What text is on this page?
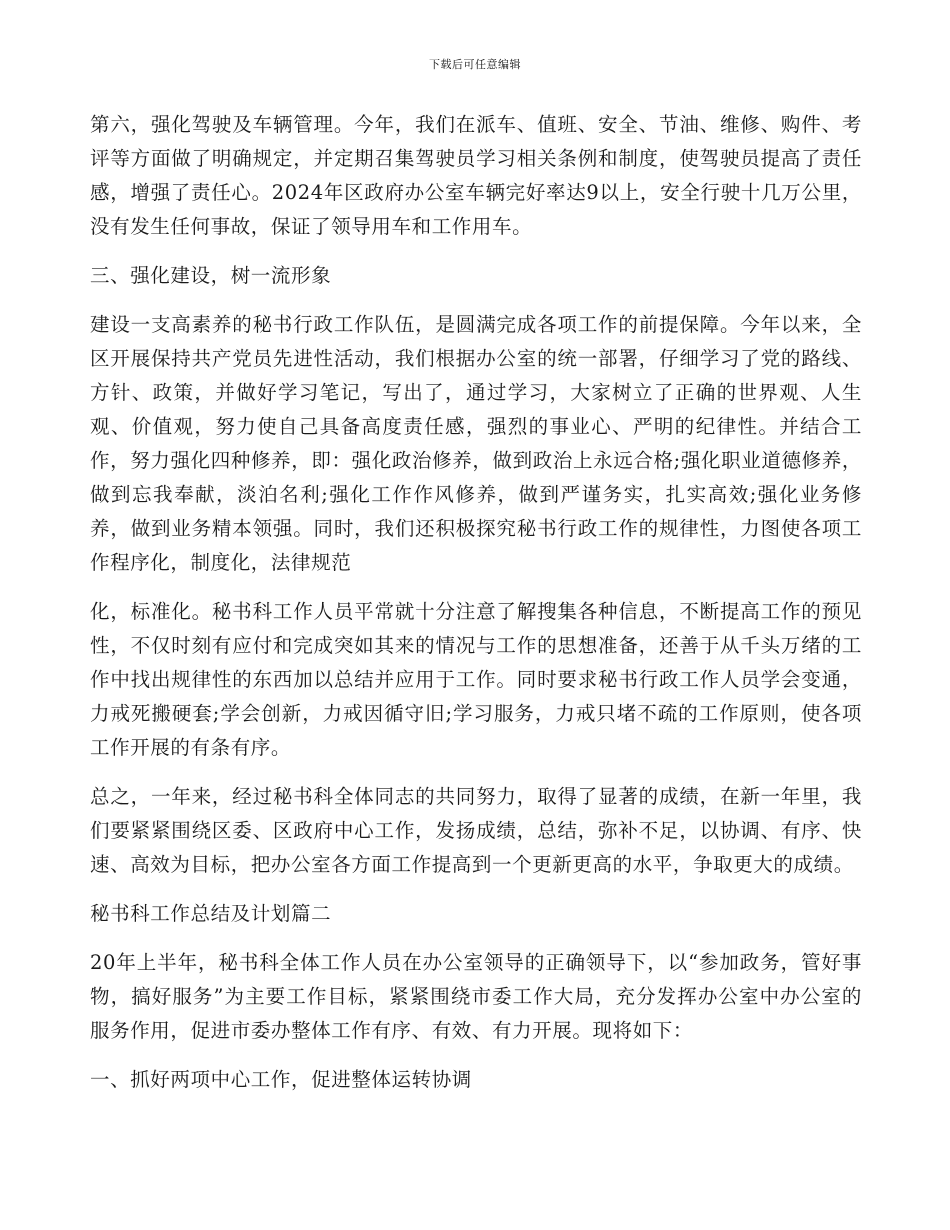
下载后可任意编辑

第六，强化驾驶及车辆管理。今年，我们在派车、值班、安全、节油、维修、购件、考评等方面做了明确规定，并定期召集驾驶员学习相关条例和制度，使驾驶员提高了责任感，增强了责任心。2024年区政府办公室车辆完好率达9以上，安全行驶十几万公里，没有发生任何事故，保证了领导用车和工作用车。

三、强化建设，树一流形象

建设一支高素养的秘书行政工作队伍，是圆满完成各项工作的前提保障。今年以来，全区开展保持共产党员先进性活动，我们根据办公室的统一部署，仔细学习了党的路线、方针、政策，并做好学习笔记，写出了，通过学习，大家树立了正确的世界观、人生观、价值观，努力使自己具备高度责任感，强烈的事业心、严明的纪律性。并结合工作，努力强化四种修养，即：强化政治修养，做到政治上永远合格;强化职业道德修养，做到忘我奉献，淡泊名利;强化工作作风修养，做到严谨务实，扎实高效;强化业务修养，做到业务精本领强。同时，我们还积极探究秘书行政工作的规律性，力图使各项工作程序化，制度化，法律规范

化，标准化。秘书科工作人员平常就十分注意了解搜集各种信息，不断提高工作的预见性，不仅时刻有应付和完成突如其来的情况与工作的思想准备，还善于从千头万绪的工作中找出规律性的东西加以总结并应用于工作。同时要求秘书行政工作人员学会变通，力戒死搬硬套;学会创新，力戒因循守旧;学习服务，力戒只堵不疏的工作原则，使各项工作开展的有条有序。

总之，一年来，经过秘书科全体同志的共同努力，取得了显著的成绩，在新一年里，我们要紧紧围绕区委、区政府中心工作，发扬成绩，总结，弥补不足，以协调、有序、快速、高效为目标，把办公室各方面工作提高到一个更新更高的水平，争取更大的成绩。

秘书科工作总结及计划篇二

20年上半年，秘书科全体工作人员在办公室领导的正确领导下，以“参加政务，管好事物，搞好服务”为主要工作目标，紧紧围绕市委工作大局，充分发挥办公室中办公室的服务作用，促进市委办整体工作有序、有效、有力开展。现将如下：

一、抓好两项中心工作，促进整体运转协调
